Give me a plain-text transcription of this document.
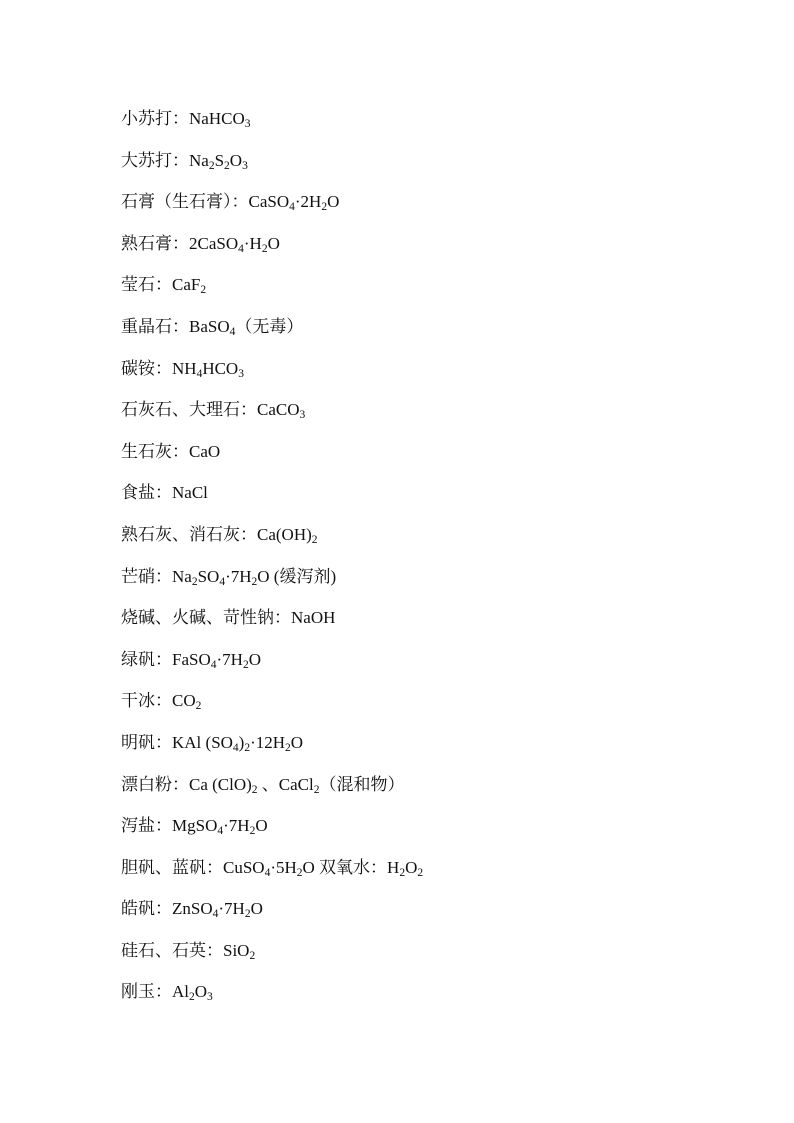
小苏打：NaHCO$_3$
大苏打：$Na_2S_2O_3$
石膏（生石膏）：$CaSO_4\cdot 2H_2O$
熟石膏：$2CaSO_4\cdot H_2O$
莹石：CaF$_2$
重晶石：BaSO$_4$（无毒）
碳铵：$NH_4HCO_3$
石灰石、大理石：CaCO$_3$
生石灰：CaO
食盐：NaCl
熟石灰、消石灰：$Ca(OH)_2$
芒硝：$Na_2SO_4\cdot 7H_2O$ (缓泻剂)
烧碱、火碱、苛性钠：NaOH
绿矾：$FaSO_4\cdot 7H_2O$
干冰：$CO_2$
明矾：KAl $(SO_4)_2\cdot 12H_2O$
漂白粉：Ca $(ClO)_2$ 、CaCl$_2$（混和物）
泻盐：$MgSO_4\cdot 7H_2O$
胆矾、蓝矾：$CuSO_4\cdot 5H_2O$ 双氧水：$H_2O_2$
皓矾：$ZnSO_4\cdot 7H_2O$
硅石、石英：SiO$_2$
刚玉：$Al_2O_3$
